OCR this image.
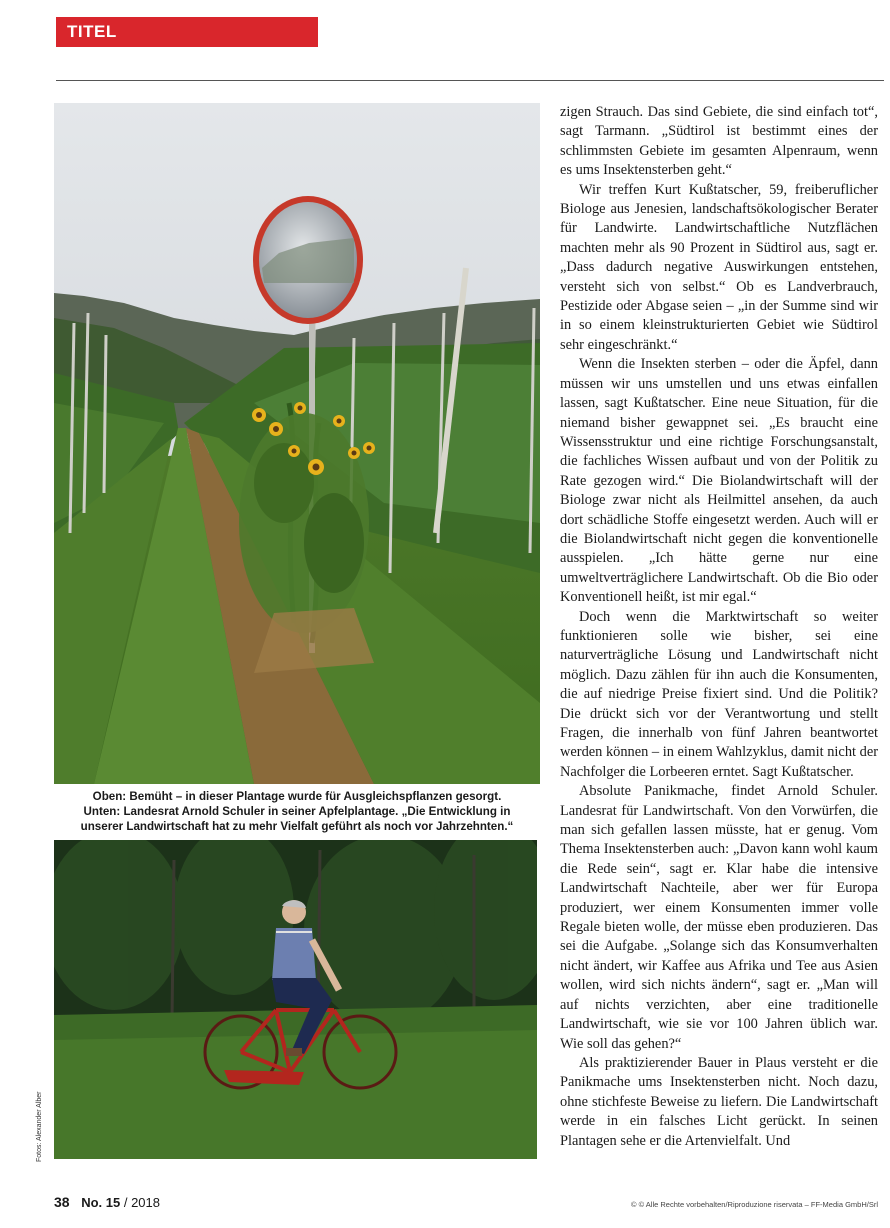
TITEL
Oben: Bemüht – in dieser Plantage wurde für Ausgleichspflanzen gesorgt.
Unten: Landesrat Arnold Schuler in seiner Apfelplantage. „Die Entwicklung in
unserer Landwirtschaft hat zu mehr Vielfalt geführt als noch vor Jahrzehnten.“
Fotos: Alexander Alber

zigen Strauch. Das sind Gebiete, die sind einfach tot“, sagt Tarmann. „Südtirol ist bestimmt eines der schlimmsten Gebiete im gesamten Alpenraum, wenn es ums Insektensterben geht.“

Wir treffen Kurt Kußtatscher, 59, freiberuflicher Biologe aus Jenesien, landschaftsökologischer Berater für Landwirte. Landwirtschaftliche Nutzflächen machten mehr als 90 Prozent in Südtirol aus, sagt er. „Dass dadurch negative Auswirkungen entstehen, versteht sich von selbst.“ Ob es Landverbrauch, Pestizide oder Abgase seien – „in der Summe sind wir in so einem kleinstrukturierten Gebiet wie Südtirol sehr eingeschränkt.“

Wenn die Insekten sterben – oder die Äpfel, dann müssen wir uns umstellen und uns etwas einfallen lassen, sagt Kußtatscher. Eine neue Situation, für die niemand bisher gewappnet sei. „Es braucht eine Wissensstruktur und eine richtige Forschungsanstalt, die fachliches Wissen aufbaut und von der Politik zu Rate gezogen wird.“ Die Biolandwirtschaft will der Biologe zwar nicht als Heilmittel ansehen, da auch dort schädliche Stoffe eingesetzt werden. Auch will er die Biolandwirtschaft nicht gegen die konventionelle ausspielen. „Ich hätte gerne nur eine umweltverträglichere Landwirtschaft. Ob die Bio oder Konventionell heißt, ist mir egal.“

Doch wenn die Marktwirtschaft so weiter funktionieren solle wie bisher, sei eine naturverträgliche Lösung und Landwirtschaft nicht möglich. Dazu zählen für ihn auch die Konsumenten, die auf niedrige Preise fixiert sind. Und die Politik? Die drückt sich vor der Verantwortung und stellt Fragen, die innerhalb von fünf Jahren beantwortet werden können – in einem Wahlzyklus, damit nicht der Nachfolger die Lorbeeren erntet. Sagt Kußtatscher.

Absolute Panikmache, findet Arnold Schuler. Landesrat für Landwirtschaft. Von den Vorwürfen, die man sich gefallen lassen müsste, hat er genug. Vom Thema Insektensterben auch: „Davon kann wohl kaum die Rede sein“, sagt er. Klar habe die intensive Landwirtschaft Nachteile, aber wer für Europa produziert, wer einem Konsumenten immer volle Regale bieten wolle, der müsse eben produzieren. Das sei die Aufgabe. „Solange sich das Konsumverhalten nicht ändert, wir Kaffee aus Afrika und Tee aus Asien wollen, wird sich nichts ändern“, sagt er. „Man will auf nichts verzichten, aber eine traditionelle Landwirtschaft, wie sie vor 100 Jahren üblich war. Wie soll das gehen?“

Als praktizierender Bauer in Plaus versteht er die Panikmache ums Insektensterben nicht. Noch dazu, ohne stichfeste Beweise zu liefern. Die Landwirtschaft werde in ein falsches Licht gerückt. In seinen Plantagen sehe er die Artenvielfalt. Und

38 No. 15 / 2018	© © Alle Rechte vorbehalten/Riproduzione riservata – FF-Media GmbH/Srl
